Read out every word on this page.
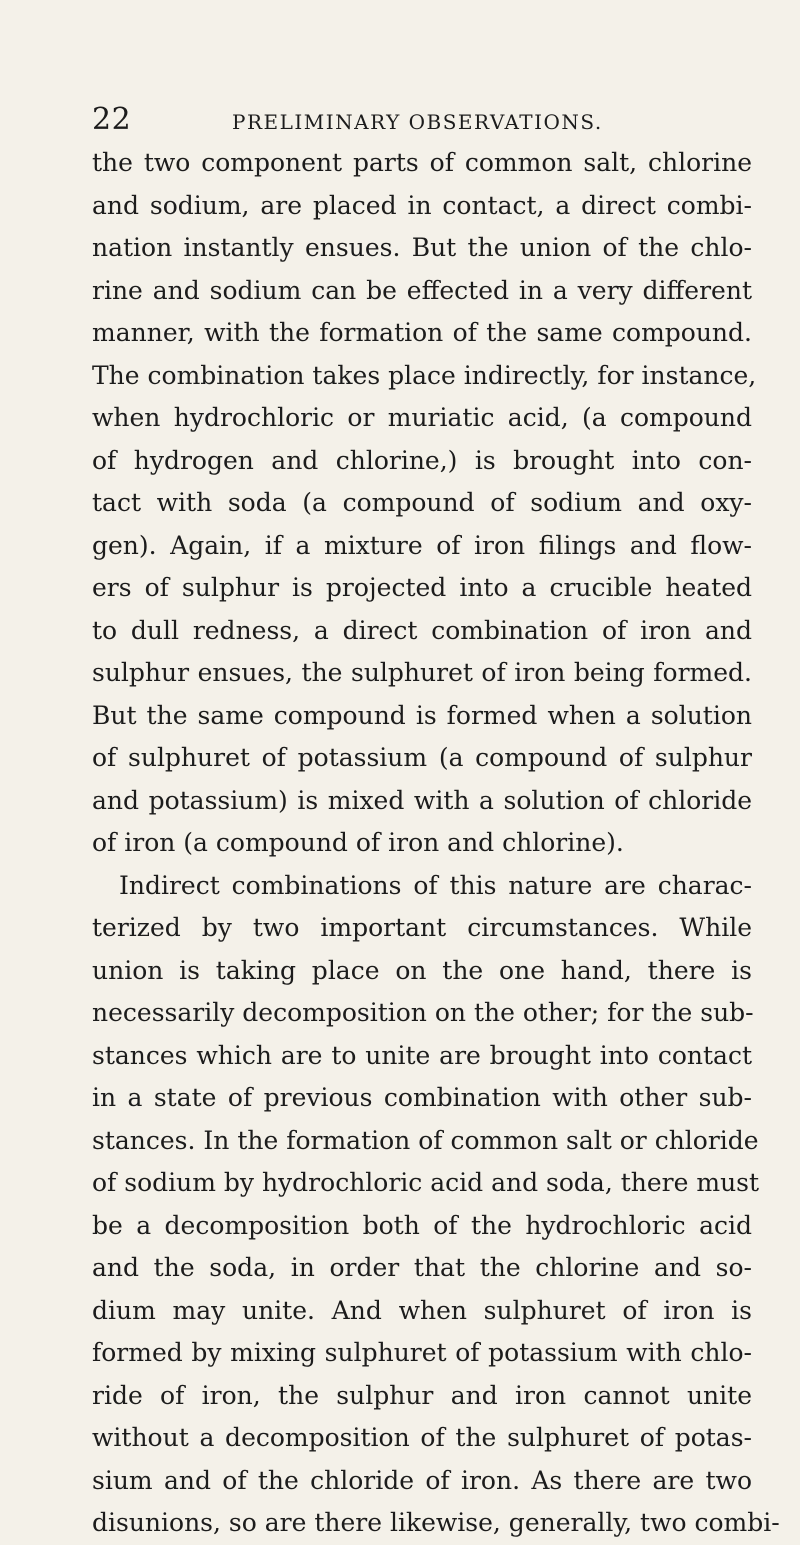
22	PRELIMINARY OBSERVATIONS.
the two component parts of common salt, chlorine
and sodium, are placed in contact, a direct combi-
nation instantly ensues. But the union of the chlo-
rine and sodium can be effected in a very different
manner, with the formation of the same compound.
The combination takes place indirectly, for instance,
when hydrochloric or muriatic acid, (a compound
of hydrogen and chlorine,) is brought into con-
tact with soda (a compound of sodium and oxy-
gen). Again, if a mixture of iron filings and flow-
ers of sulphur is projected into a crucible heated
to dull redness, a direct combination of iron and
sulphur ensues, the sulphuret of iron being formed.
But the same compound is formed when a solution
of sulphuret of potassium (a compound of sulphur
and potassium) is mixed with a solution of chloride
of iron (a compound of iron and chlorine).
Indirect combinations of this nature are charac-
terized by two important circumstances. While
union is taking place on the one hand, there is
necessarily decomposition on the other; for the sub-
stances which are to unite are brought into contact
in a state of previous combination with other sub-
stances. In the formation of common salt or chloride
of sodium by hydrochloric acid and soda, there must
be a decomposition both of the hydrochloric acid
and the soda, in order that the chlorine and so-
dium may unite. And when sulphuret of iron is
formed by mixing sulphuret of potassium with chlo-
ride of iron, the sulphur and iron cannot unite
without a decomposition of the sulphuret of potas-
sium and of the chloride of iron. As there are two
disunions, so are there likewise, generally, two combi-
